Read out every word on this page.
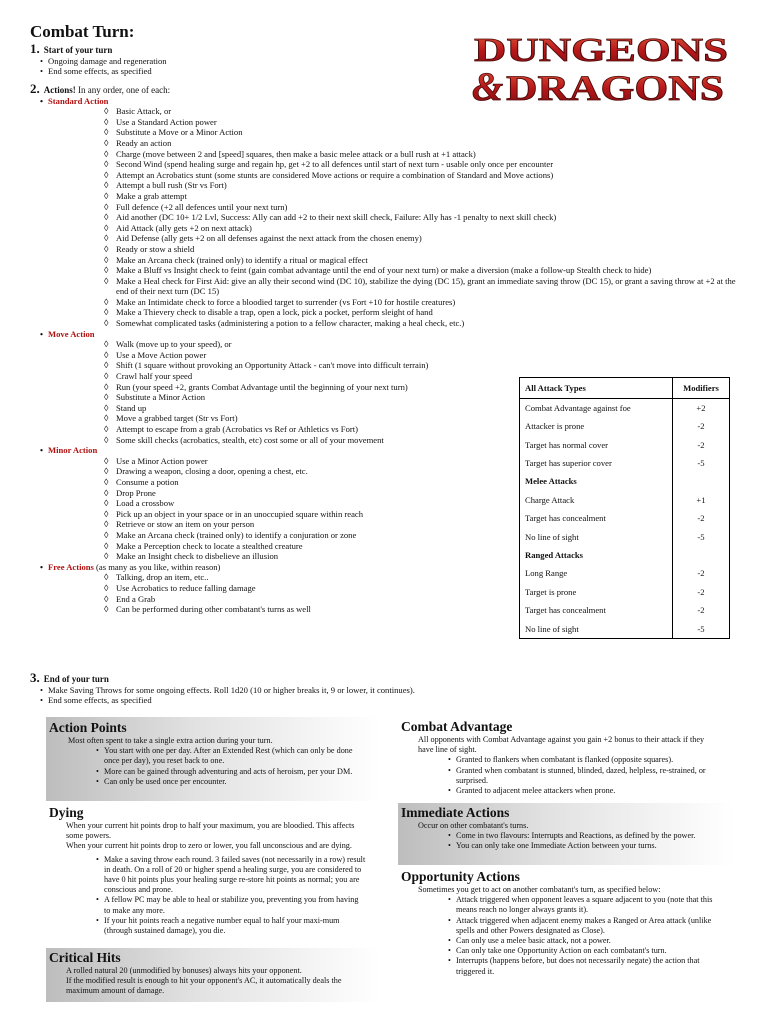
Combat Turn:
DUNGEONS
& DRAGONS
1. Start of your turn
• Ongoing damage and regeneration
• End some effects, as specified
2. Actions! In any order, one of each:
• Standard Action
◊ Basic Attack, or
◊ Use a Standard Action power
◊ Substitute a Move or a Minor Action
◊ Ready an action
◊ Charge (move between 2 and [speed] squares, then make a basic melee attack or a bull rush at +1 attack)
◊ Second Wind (spend healing surge and regain hp, get +2 to all defences until start of next turn - usable only once per encounter
◊ Attempt an Acrobatics stunt (some stunts are considered Move actions or require a combination of Standard and Move actions)
◊ Attempt a bull rush (Str vs Fort)
◊ Make a grab attempt
◊ Full defence (+2 all defences until your next turn)
◊ Aid another (DC 10+ 1/2 Lvl, Success: Ally can add +2 to their next skill check, Failure: Ally has -1 penalty to next skill check)
◊ Aid Attack (ally gets +2 on next attack)
◊ Aid Defense (ally gets +2 on all defenses against the next attack from the chosen enemy)
◊ Ready or stow a shield
◊ Make an Arcana check (trained only) to identify a ritual or magical effect
◊ Make a Bluff vs Insight check to feint (gain combat advantage until the end of your next turn) or make a diversion (make a follow-up Stealth check to hide)
◊ Make a Heal check for First Aid: give an ally their second wind (DC 10), stabilize the dying (DC 15), grant an immediate saving throw (DC 15), or grant a saving throw at +2 at the end of their next turn (DC 15)
◊ Make an Intimidate check to force a bloodied target to surrender (vs Fort +10 for hostile creatures)
◊ Make a Thievery check to disable a trap, open a lock, pick a pocket, perform sleight of hand
◊ Somewhat complicated tasks (administering a potion to a fellow character, making a heal check, etc.)
• Move Action
◊ Walk (move up to your speed), or
◊ Use a Move Action power
◊ Shift (1 square without provoking an Opportunity Attack - can't move into difficult terrain)
◊ Crawl half your speed
◊ Run (your speed +2, grants Combat Advantage until the beginning of your next turn)
◊ Substitute a Minor Action
◊ Stand up
◊ Move a grabbed target (Str vs Fort)
◊ Attempt to escape from a grab (Acrobatics vs Ref or Athletics vs Fort)
◊ Some skill checks (acrobatics, stealth, etc) cost some or all of your movement
• Minor Action
◊ Use a Minor Action power
◊ Drawing a weapon, closing a door, opening a chest, etc.
◊ Consume a potion
◊ Drop Prone
◊ Load a crossbow
◊ Pick up an object in your space or in an unoccupied square within reach
◊ Retrieve or stow an item on your person
◊ Make an Arcana check (trained only) to identify a conjuration or zone
◊ Make a Perception check to locate a stealthed creature
◊ Make an Insight check to disbelieve an illusion
• Free Actions (as many as you like, within reason)
◊ Talking, drop an item, etc..
◊ Use Acrobatics to reduce falling damage
◊ End a Grab
◊ Can be performed during other combatant's turns as well
3. End of your turn
• Make Saving Throws for some ongoing effects. Roll 1d20 (10 or higher breaks it, 9 or lower, it continues).
• End some effects, as specified
All Attack Types	Modifiers
Combat Advantage against foe	+2
Attacker is prone	-2
Target has normal cover	-2
Target has superior cover	-5
Melee Attacks	
Charge Attack	+1
Target has concealment	-2
No line of sight	-5
Ranged Attacks	
Long Range	-2
Target is prone	-2
Target has concealment	-2
No line of sight	-5
Action Points

Most often spent to take a single extra action during your turn.

• You start with one per day. After an Extended Rest (which can only be done once per day), you reset back to one.
• More can be gained through adventuring and acts of heroism, per your DM.
• Can only be used once per encounter.
Dying

When your current hit points drop to half your maximum, you are bloodied. This affects some powers.

When your current hit points drop to zero or lower, you fall unconscious and are dying.

• Make a saving throw each round. 3 failed saves (not necessarily in a row) result in death. On a roll of 20 or higher spend a healing surge, you are considered to have 0 hit points plus your healing surge re-store hit points as normal; you are conscious and prone.
• A fellow PC may be able to heal or stabilize you, preventing you from having to make any more.
• If your hit points reach a negative number equal to half your maxi-mum (through sustained damage), you die.
Critical Hits

A rolled natural 20 (unmodified by bonuses) always hits your opponent.

If the modified result is enough to hit your opponent's AC, it automatically deals the maximum amount of damage.

Combat Advantage

All opponents with Combat Advantage against you gain +2 bonus to their attack if they have line of sight.

• Granted to flankers when combatant is flanked (opposite squares).
• Granted when combatant is stunned, blinded, dazed, helpless, re-strained, or surprised.
• Granted to adjacent melee attackers when prone.
Immediate Actions

Occur on other combatant's turns.

• Come in two flavours: Interrupts and Reactions, as defined by the power.
• You can only take one Immediate Action between your turns.
Opportunity Actions

Sometimes you get to act on another combatant's turn, as specified below:

• Attack triggered when opponent leaves a square adjacent to you (note that this means reach no longer always grants it).
• Attack triggered when adjacent enemy makes a Ranged or Area attack (unlike spells and other Powers designated as Close).
• Can only use a melee basic attack, not a power.
• Can only take one Opportunity Action on each combatant's turn.
• Interrupts (happens before, but does not necessarily negate) the action that triggered it.
